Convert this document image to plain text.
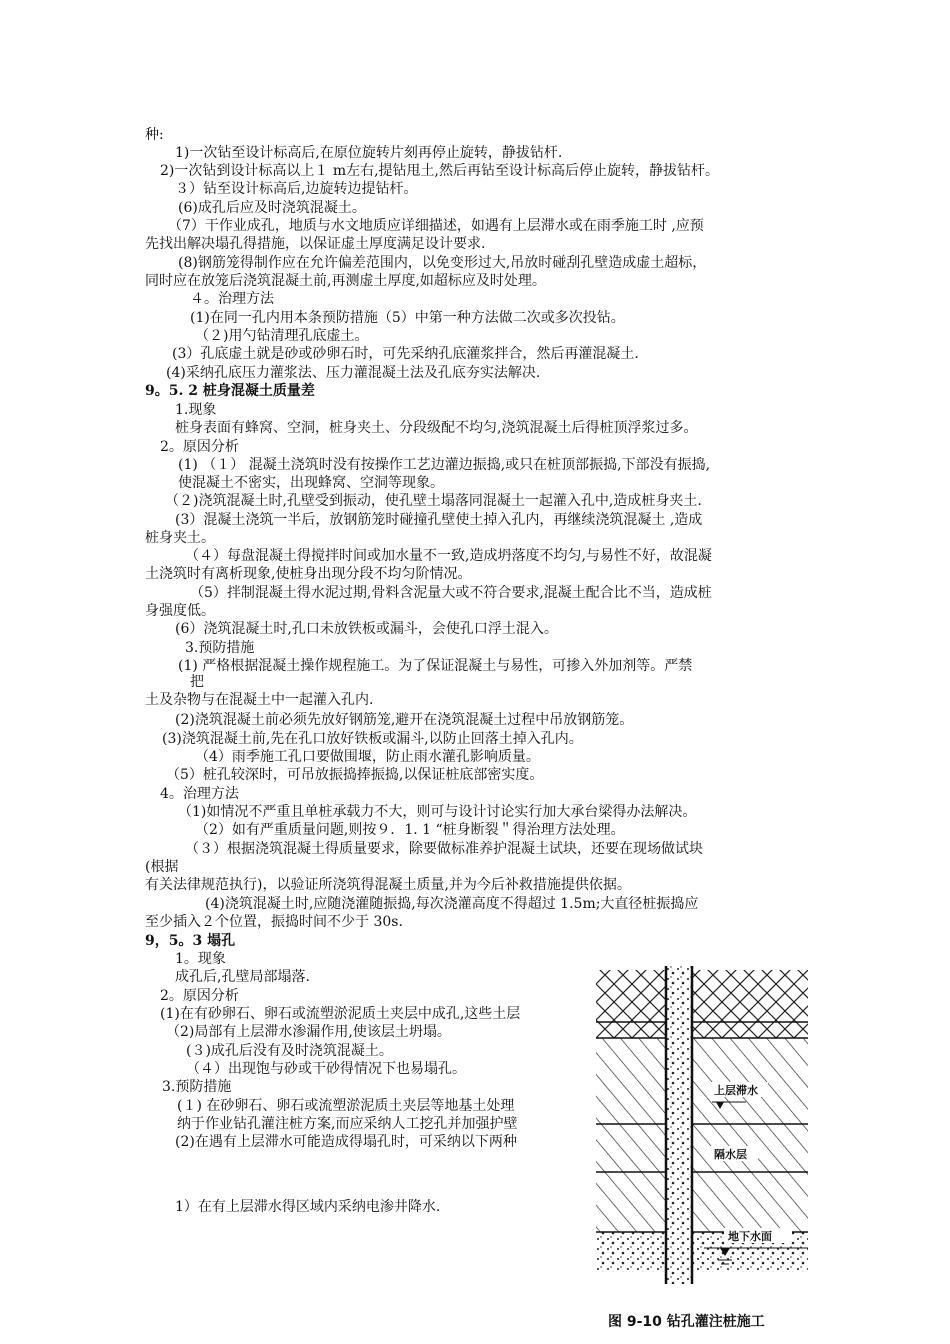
种:
1)一次钻至设计标高后,在原位旋转片刻再停止旋转，静拔钻杆.
2)一次钻到设计标高以上１ m左右,提钻甩土,然后再钻至设计标高后停止旋转，静拔钻杆。
３）钻至设计标高后,边旋转边提钻杆。
(6)成孔后应及时浇筑混凝土。
（7）干作业成孔，地质与水文地质应详细描述，如遇有上层滞水或在雨季施工时 ,应预
先找出解决塌孔得措施，以保证虚土厚度满足设计要求.
(8)钢筋笼得制作应在允许偏差范围内，以免变形过大,吊放时碰刮孔壁造成虚土超标，
同时应在放笼后浇筑混凝土前,再测虚土厚度,如超标应及时处理。
４。治理方法
(1)在同一孔内用本条预防措施（5）中第一种方法做二次或多次投钻。
（２)用勺钻清理孔底虚土。
(3）孔底虚土就是砂或砂卵石时，可先采纳孔底灌浆拌合，然后再灌混凝土.
(4)采纳孔底压力灌浆法、压力灌混凝土法及孔底夯实法解决.
9。5. 2 桩身混凝土质量差
1.现象
桩身表面有蜂窝、空洞，桩身夹土、分段级配不均匀,浇筑混凝土后得桩顶浮浆过多。
2。原因分析
(1) （１） 混凝土浇筑时没有按操作工艺边灌边振捣,或只在桩顶部振捣,下部没有振捣,
使混凝土不密实，出现蜂窝、空洞等现象。
（２)浇筑混凝土时,孔壁受到振动，使孔壁土塌落同混凝土一起灌入孔中,造成桩身夹土.
(3）混凝土浇筑一半后，放钢筋笼时碰撞孔壁使土掉入孔内，再继续浇筑混凝土 ,造成
桩身夹土。
（４）每盘混凝土得搅拌时间或加水量不一致,造成坍落度不均匀,与易性不好，故混凝
土浇筑时有离析现象,使桩身出现分段不均匀阶情况。
（5）拌制混凝土得水泥过期,骨料含泥量大或不符合要求,混凝土配合比不当，造成桩
身强度低。
(6）浇筑混凝土时,孔口未放铁板或漏斗，会使孔口浮土混入。
3.预防措施
(1) 严格根据混凝土操作规程施工。为了保证混凝土与易性，可掺入外加剂等。严禁
把
土及杂物与在混凝土中一起灌入孔内.
(2)浇筑混凝土前必须先放好钢筋笼,避开在浇筑混凝土过程中吊放钢筋笼。
(3)浇筑混凝土前,先在孔口放好铁板或漏斗,以防止回落土掉入孔内。
（4）雨季施工孔口要做围堰，防止雨水灌孔影响质量。
（5）桩孔较深时，可吊放振捣捧振捣,以保证桩底部密实度。
4。治理方法
（1)如情况不严重且单桩承载力不大，则可与设计讨论实行加大承台梁得办法解决。
（2）如有严重质量问题,则按９．1. 1 “桩身断裂＂得治理方法处理。
（３）根据浇筑混凝土得质量要求，除要做标准养护混凝土试块，还要在现场做试块
(根据
有关法律规范执行)，以验证所浇筑得混凝土质量,并为今后补救措施提供依据。
(4)浇筑混凝土时,应随浇灌随振捣,每次浇灌高度不得超过 1.5m;大直径桩振捣应
至少插入２个位置，振捣时间不少于 30s.
9，5。3 塌孔
1。现象
成孔后,孔壁局部塌落.
2。原因分析
(1)在有砂卵石、卵石或流塑淤泥质土夹层中成孔,这些土层
（2)局部有上层滞水渗漏作用,使该层土坍塌。
(３)成孔后没有及时浇筑混凝土。
（４）出现饱与砂或干砂得情况下也易塌孔。
3.预防措施
(１) 在砂卵石、卵石或流塑淤泥质土夹层等地基土处理
纳于作业钻孔灌注桩方案,而应采纳人工挖孔并加强护壁
(2)在遇有上层滞水可能造成得塌孔时，可采纳以下两种
1）在有上层滞水得区域内采纳电渗井降水.
上层滞水
隔水层
地下水面
图 9-10 钻孔灌注桩施工
